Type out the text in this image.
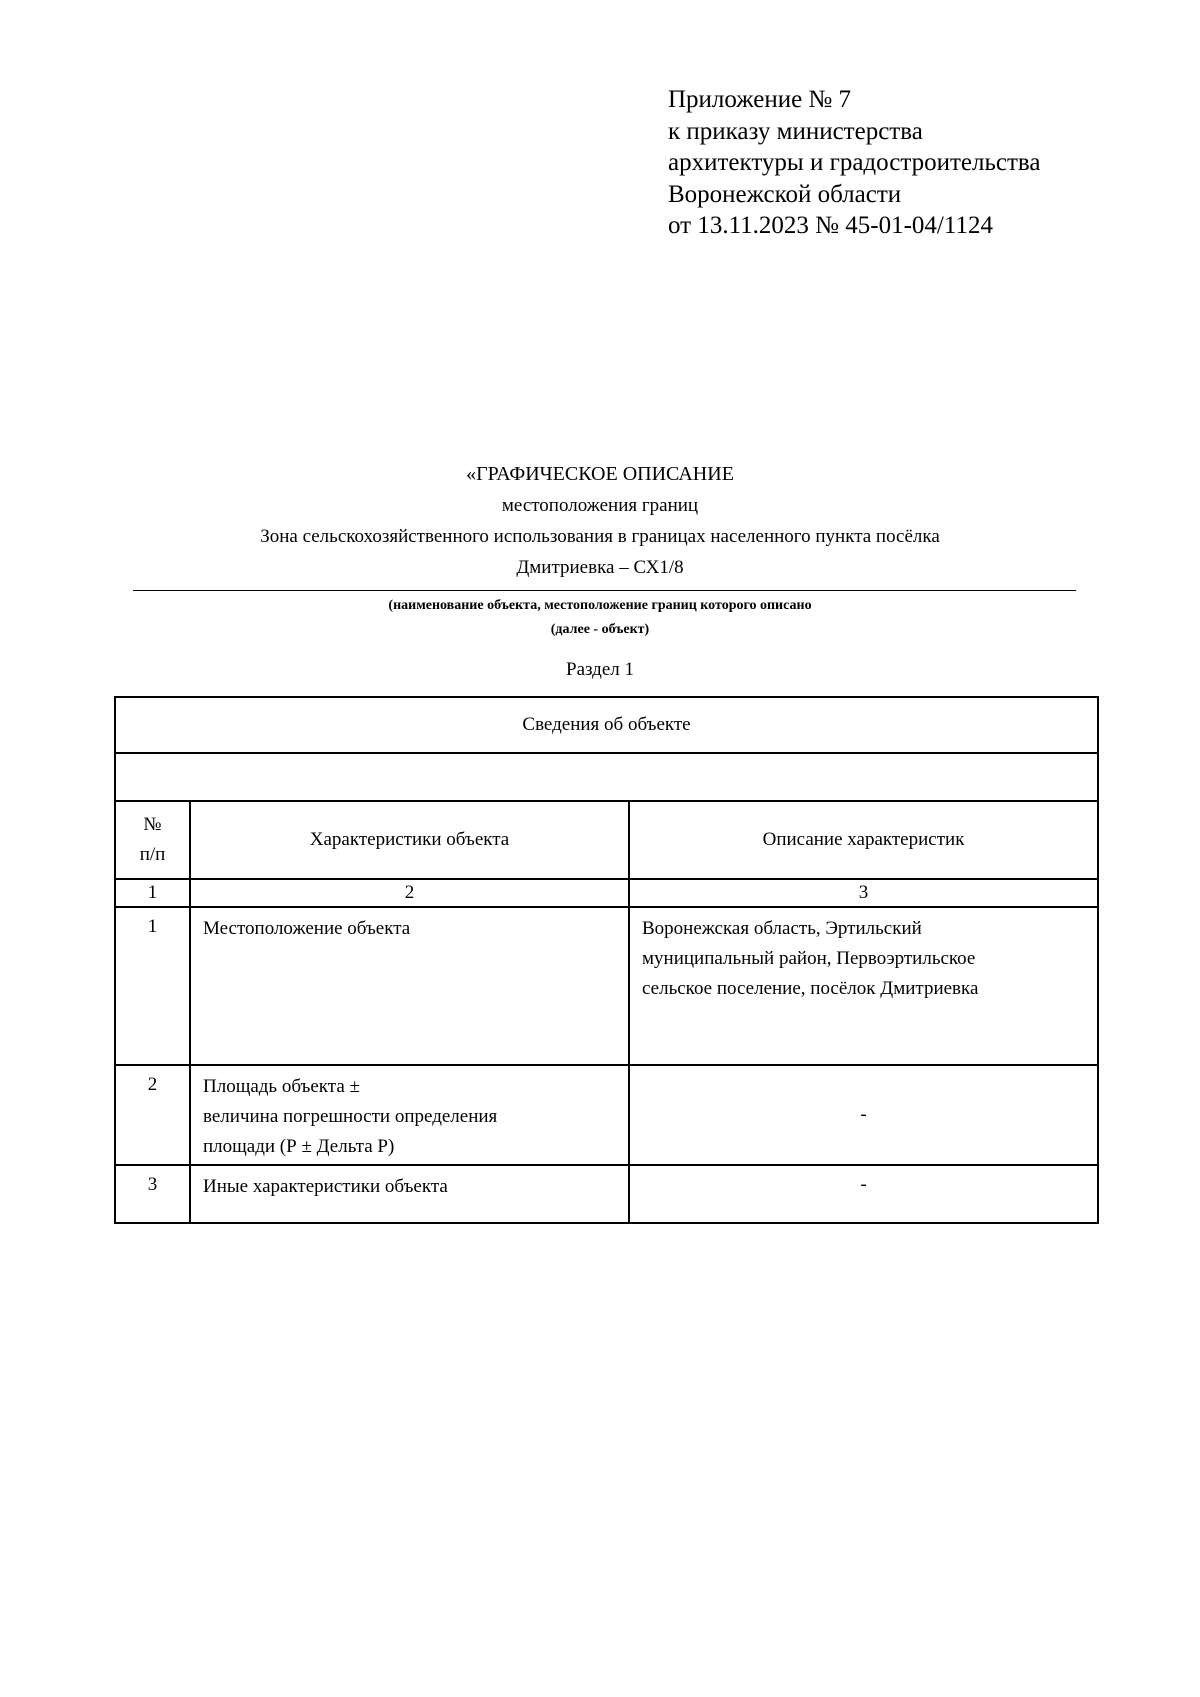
Приложение № 7
к приказу министерства
архитектуры и градостроительства
Воронежской области
от 13.11.2023 № 45-01-04/1124
«ГРАФИЧЕСКОЕ ОПИСАНИЕ
местоположения границ
Зона сельскохозяйственного использования в границах населенного пункта посёлка
Дмитриевка – СХ1/8
(наименование объекта, местоположение границ которого описано
(далее - объект)
Раздел 1
Сведения об объекте		

№
п/п	Характеристики объекта	Описание характеристик
1	2	3
1	Местоположение объекта	Воронежская область, Эртильский
муниципальный район, Первоэртильское
сельское поселение, посёлок Дмитриевка

2	Площадь объекта ±
величина погрешности определения
площади (Р ± Дельта Р)	-
3	Иные характеристики объекта	-
